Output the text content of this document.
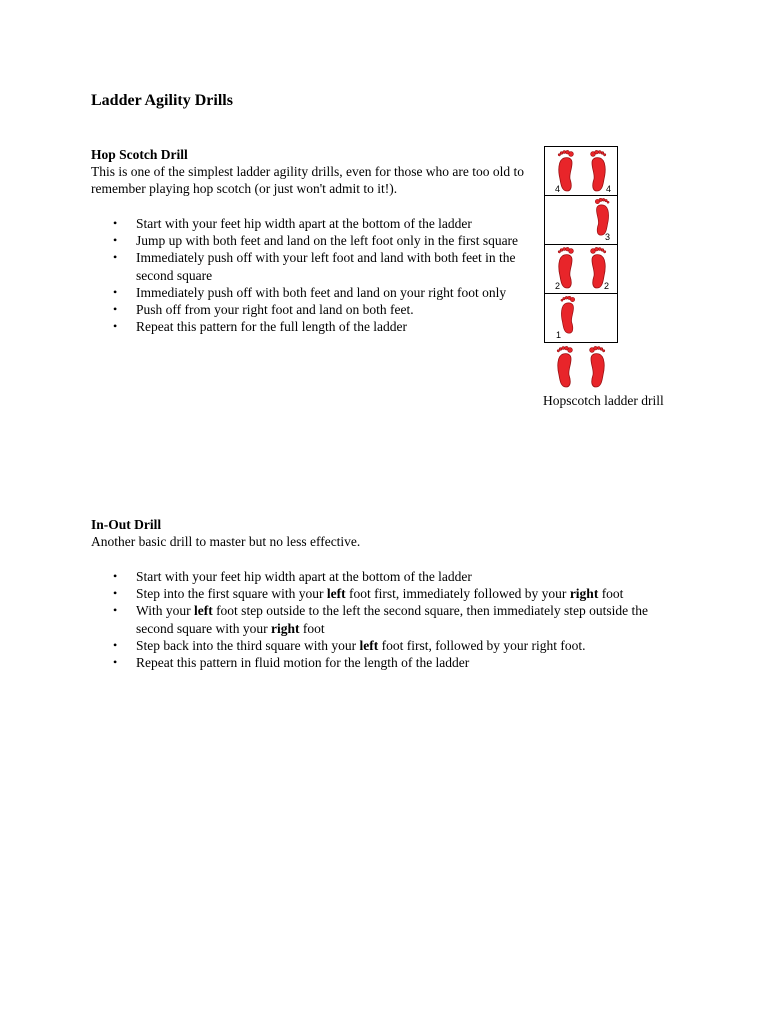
Ladder Agility Drills

Hop Scotch Drill

This is one of the simplest ladder agility drills, even for those who are too old to remember playing hop scotch (or just won't admit to it!).

• Start with your feet hip width apart at the bottom of the ladder
• Jump up with both feet and land on the left foot only in the first square
• Immediately push off with your left foot and land with both feet in the second square
• Immediately push off with both feet and land on your right foot only
• Push off from your right foot and land on both feet.
• Repeat this pattern for the full length of the ladder
4	4
3
2	2
1

Hopscotch ladder drill

In-Out Drill

Another basic drill to master but no less effective.

• Start with your feet hip width apart at the bottom of the ladder
• Step into the first square with your left foot first, immediately followed by your right foot
• With your left foot step outside to the left the second square, then immediately step outside the second square with your right foot
• Step back into the third square with your left foot first, followed by your right foot.
• Repeat this pattern in fluid motion for the length of the ladder
